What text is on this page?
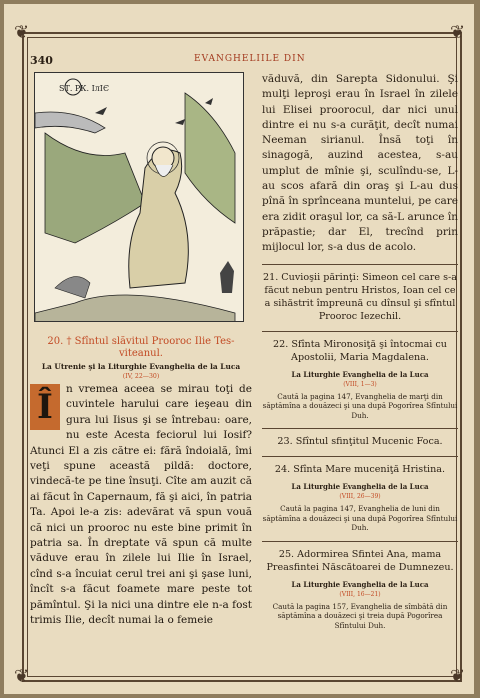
❦	❦
❦	❦
340	EVANGHELIILE DIN
ЅТ. РК. ІлІЄ
20. † Sfîntul slăvitul Prooroc Ilie Tes-viteanul.
La Utrenie şi la Liturghie Evanghelia de la Luca
(IV, 22—30)
Î	n vremea aceea se mirau toţi de cuvintele harului care ieşeau din gura lui Iisus şi se întrebau: oare, nu este Acesta feciorul lui Iosif? Atunci El a zis către ei: fără îndoială, îmi veţi spune această pildă: doctore, vindecă-te pe tine însuţi. Cîte am auzit că ai făcut în Capernaum, fă şi aici, în patria Ta. Apoi le-a zis: adevărat vă spun vouă că nici un prooroc nu este bine primit în patria sa. În dreptate vă spun că multe văduve erau în zilele lui Ilie în Israel, cînd s-a încuiat cerul trei ani şi şase luni, încît s-a făcut foamete mare peste tot pămîntul. Şi la nici una dintre ele n-a fost trimis Ilie, decît numai la o femeie
văduvă, din Sarepta Sidonului. Şi mulţi leproşi erau în Israel în zilele lui Elisei proorocul, dar nici unul dintre ei nu s-a curăţit, decît numai Neeman sirianul. Însă toţi în sinagogă, auzind acestea, s-au umplut de mînie şi, sculîndu-se, L-au scos afară din oraş şi L-au dus pînă în sprînceana muntelui, pe care era zidit oraşul lor, ca să-L arunce în prăpastie; dar El, trecînd prin mijlocul lor, s-a dus de acolo.
21. Cuvioşii părinţi: Simeon cel care s-a făcut nebun pentru Hristos, Ioan cel ce a sihăstrit împreună cu dînsul şi sfîntul Prooroc Iezechil.
22. Sfînta Mironosiţă şi întocmai cu Apostolii, Maria Magdalena.
La Liturghie Evanghelia de la Luca
(VIII, 1—3)
Caută la pagina 147, Evanghelia de marţi din săptămîna a douăzeci şi una după Pogorîrea Sfîntului Duh.
23. Sfîntul sfinţitul Mucenic Foca.
24. Sfînta Mare muceniţă Hristina.
La Liturghie Evanghelia de la Luca
(VIII, 26—39)
Caută la pagina 147, Evanghelia de luni din săptămîna a douăzeci şi una după Pogorîrea Sfîntului Duh.
25. Adormirea Sfintei Ana, mama Preasfintei Născătoarei de Dumnezeu.
La Liturghie Evanghelia de la Luca
(VIII, 16—21)
Caută la pagina 157, Evanghelia de sîmbătă din săptămîna a douăzeci şi treia după Pogorîrea Sfîntului Duh.
